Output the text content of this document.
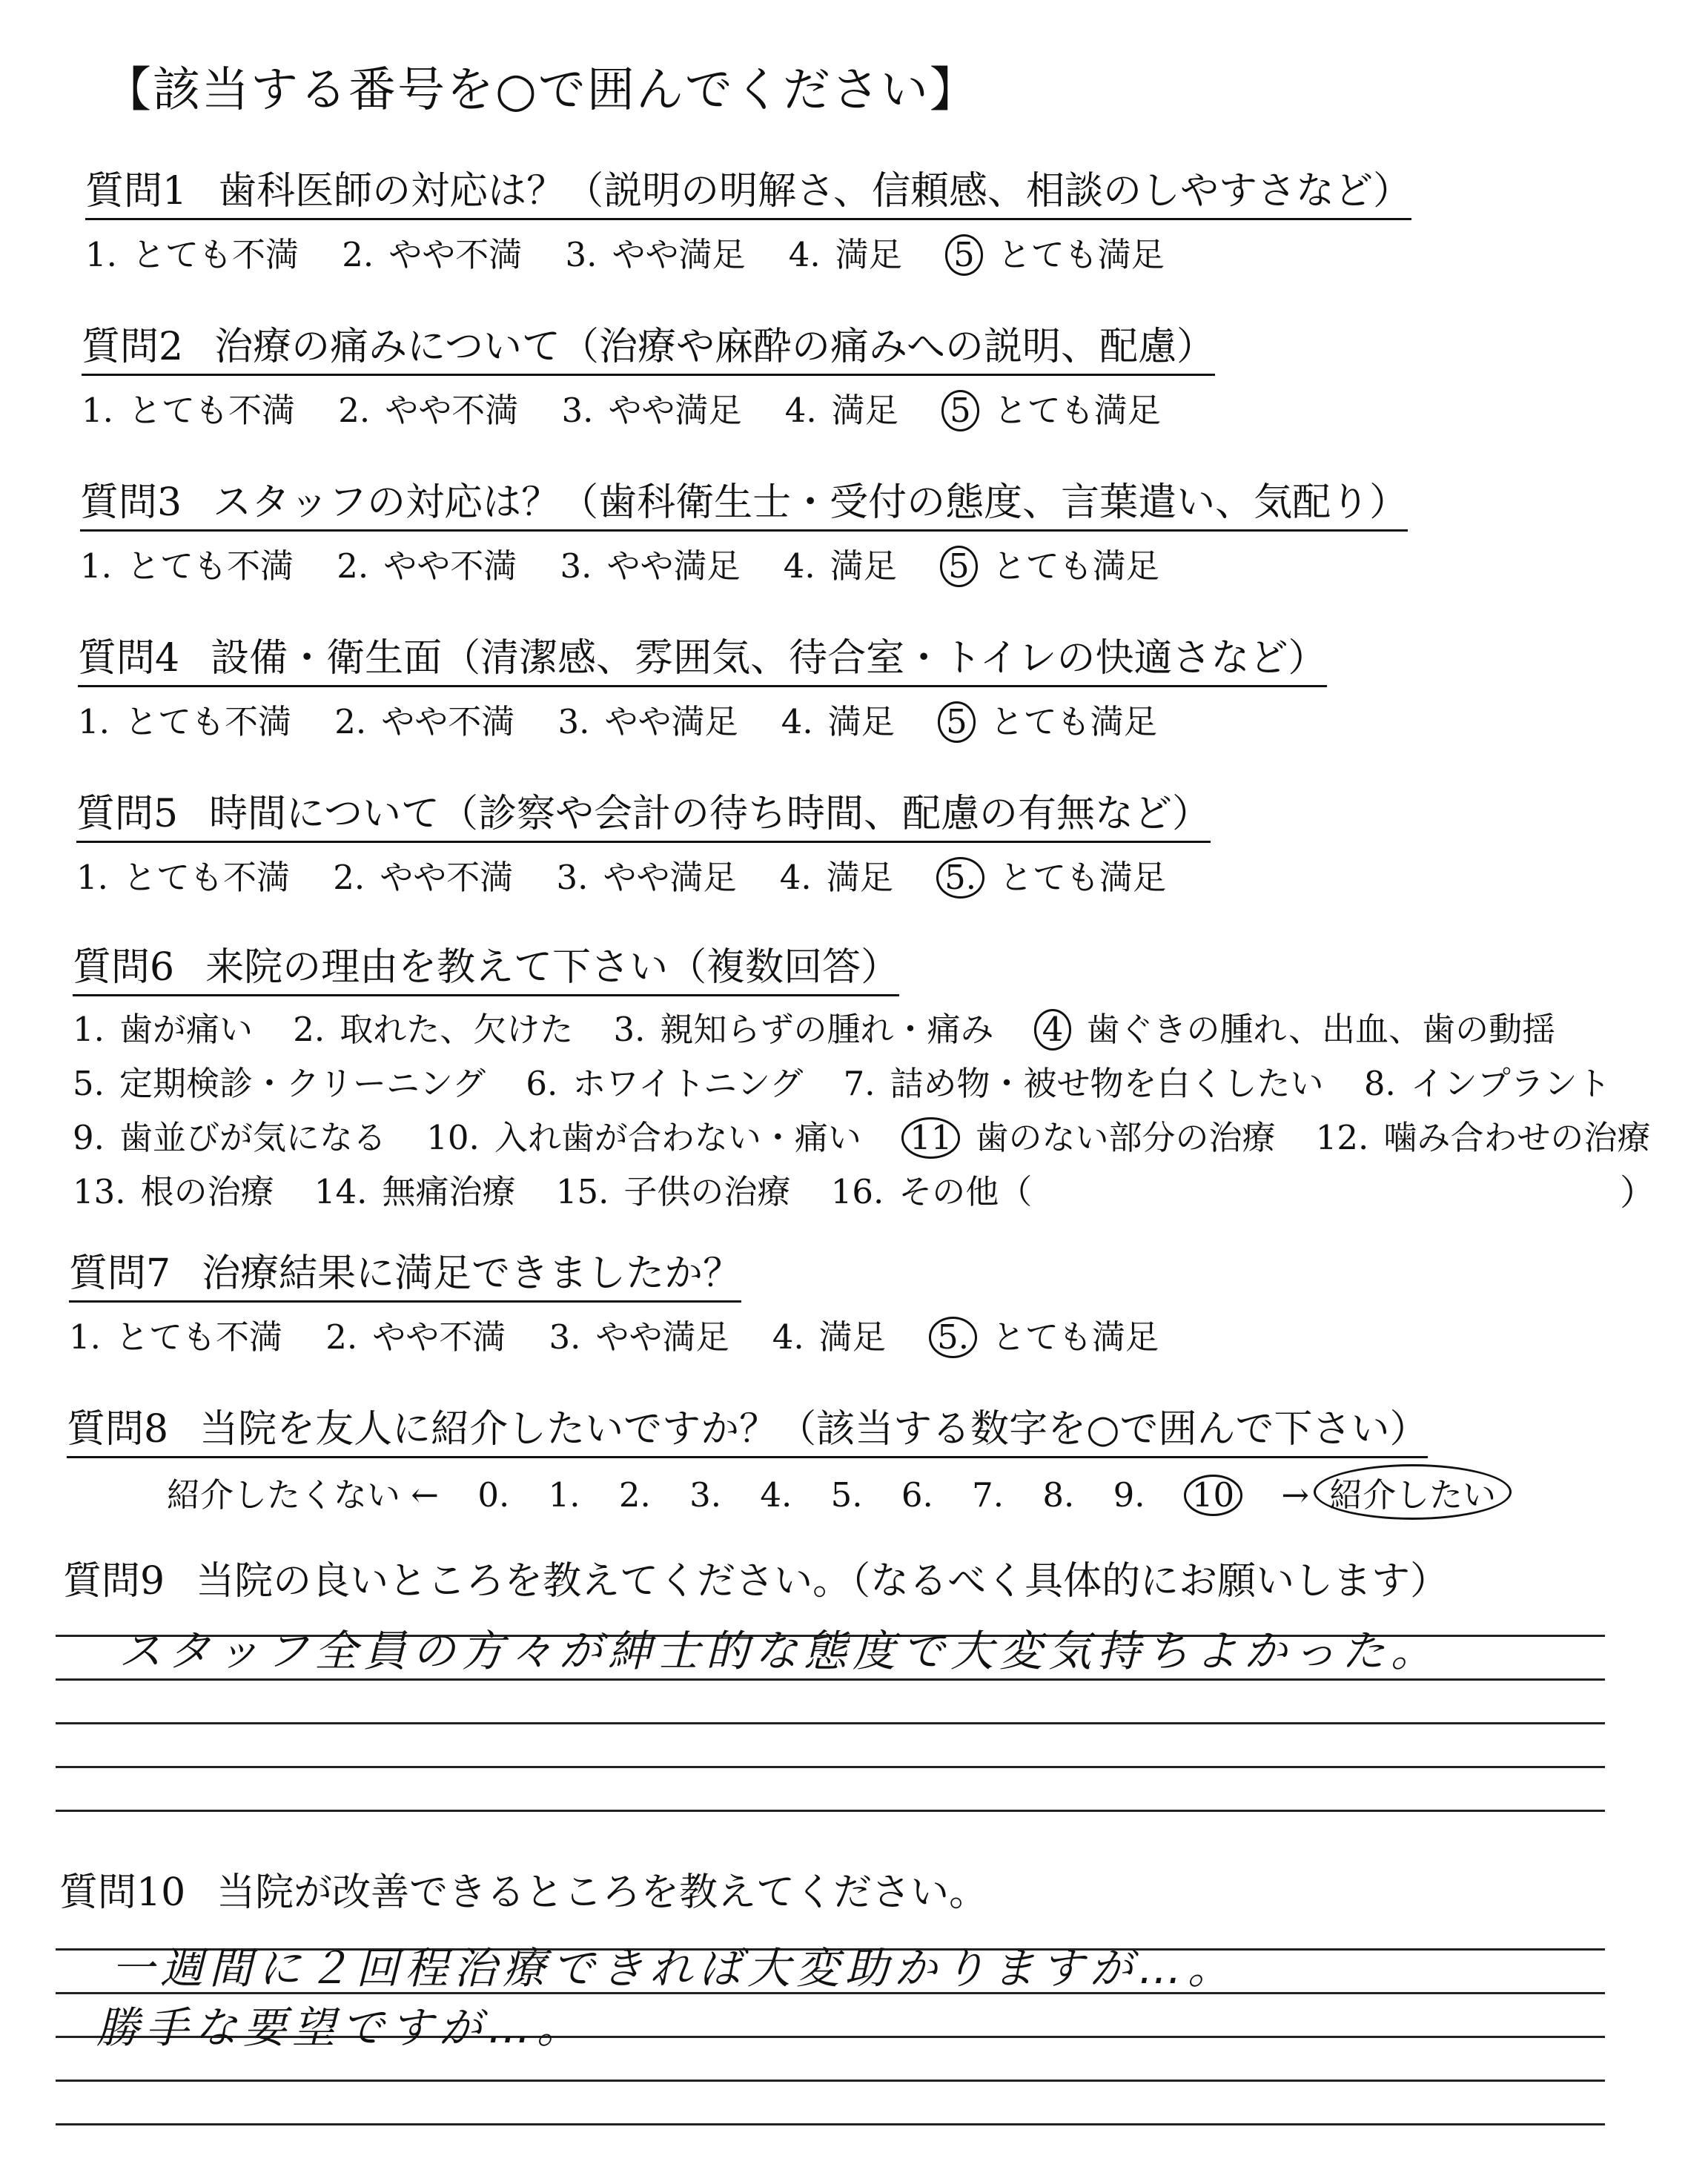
【該当する番号を○で囲んでください】
質問1 歯科医師の対応は？（説明の明解さ、信頼感、相談のしやすさなど）
1. とても不満 2. やや不満 3. やや満足 4. 満足 5 とても満足
質問2 治療の痛みについて（治療や麻酔の痛みへの説明、配慮）
1. とても不満 2. やや不満 3. やや満足 4. 満足 5 とても満足
質問3 スタッフの対応は？（歯科衛生士・受付の態度、言葉遣い、気配り）
1. とても不満 2. やや不満 3. やや満足 4. 満足 5 とても満足
質問4 設備・衛生面（清潔感、雰囲気、待合室・トイレの快適さなど）
1. とても不満 2. やや不満 3. やや満足 4. 満足 5 とても満足
質問5 時間について（診察や会計の待ち時間、配慮の有無など）
1. とても不満 2. やや不満 3. やや満足 4. 満足 5. とても満足
質問6 来院の理由を教えて下さい（複数回答）
1. 歯が痛い 2. 取れた、欠けた 3. 親知らずの腫れ・痛み 4 歯ぐきの腫れ、出血、歯の動揺
5. 定期検診・クリーニング 6. ホワイトニング 7. 詰め物・被せ物を白くしたい 8. インプラント
9. 歯並びが気になる 10. 入れ歯が合わない・痛い 11 歯のない部分の治療 12. 噛み合わせの治療
13. 根の治療 14. 無痛治療 15. 子供の治療 16. その他（	）
質問7 治療結果に満足できましたか？
1. とても不満 2. やや不満 3. やや満足 4. 満足 5. とても満足
質問8 当院を友人に紹介したいですか？（該当する数字を○で囲んで下さい）
紹介したくない ← 0. 1. 2. 3. 4. 5. 6. 7. 8. 9. 10 → 紹介したい
質問9 当院の良いところを教えてください。（なるべく具体的にお願いします）
スタッフ全員の方々が紳士的な態度で大変気持ちよかった。
質問10 当院が改善できるところを教えてください。
一週間に２回程治療できれば大変助かりますが…。
勝手な要望ですが…。
